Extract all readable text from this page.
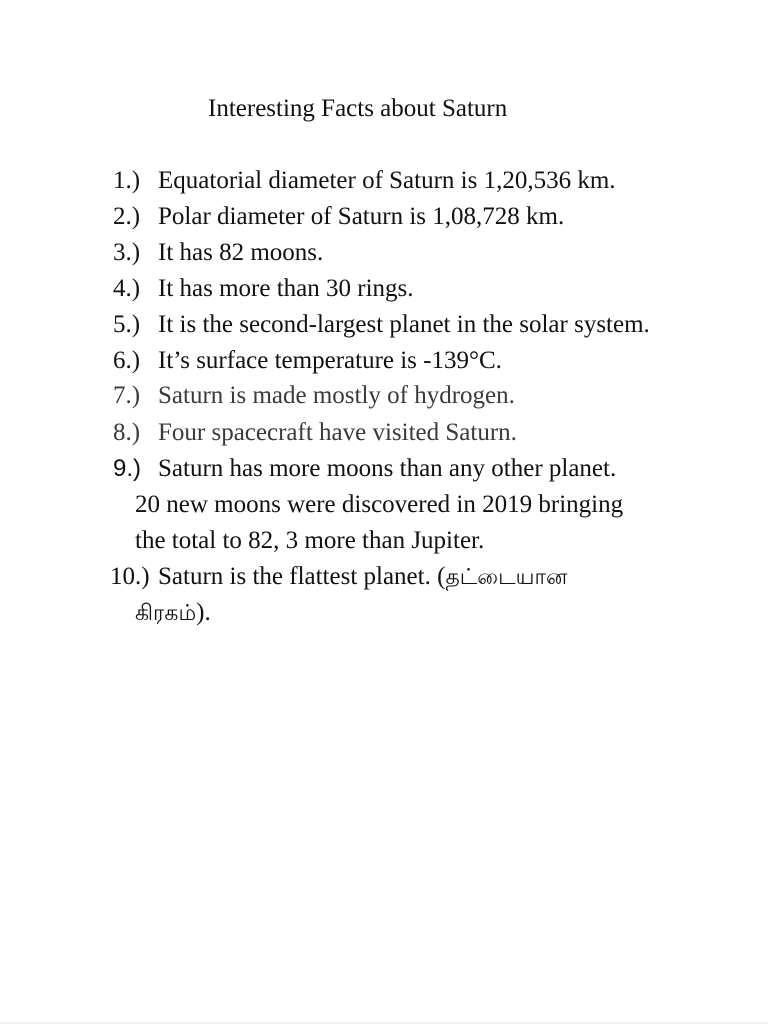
Interesting Facts about Saturn
1.) Equatorial diameter of Saturn is 1,20,536 km.
2.) Polar diameter of Saturn is 1,08,728 km.
3.) It has 82 moons.
4.) It has more than 30 rings.
5.) It is the second-largest planet in the solar system.
6.) It’s surface temperature is -139°C.
7.) Saturn is made mostly of hydrogen.
8.) Four spacecraft have visited Saturn.
9.) Saturn has more moons than any other planet.
20 new moons were discovered in 2019 bringing
the total to 82, 3 more than Jupiter.
10.) Saturn is the flattest planet. (தட்டையான
கிரகம்).
